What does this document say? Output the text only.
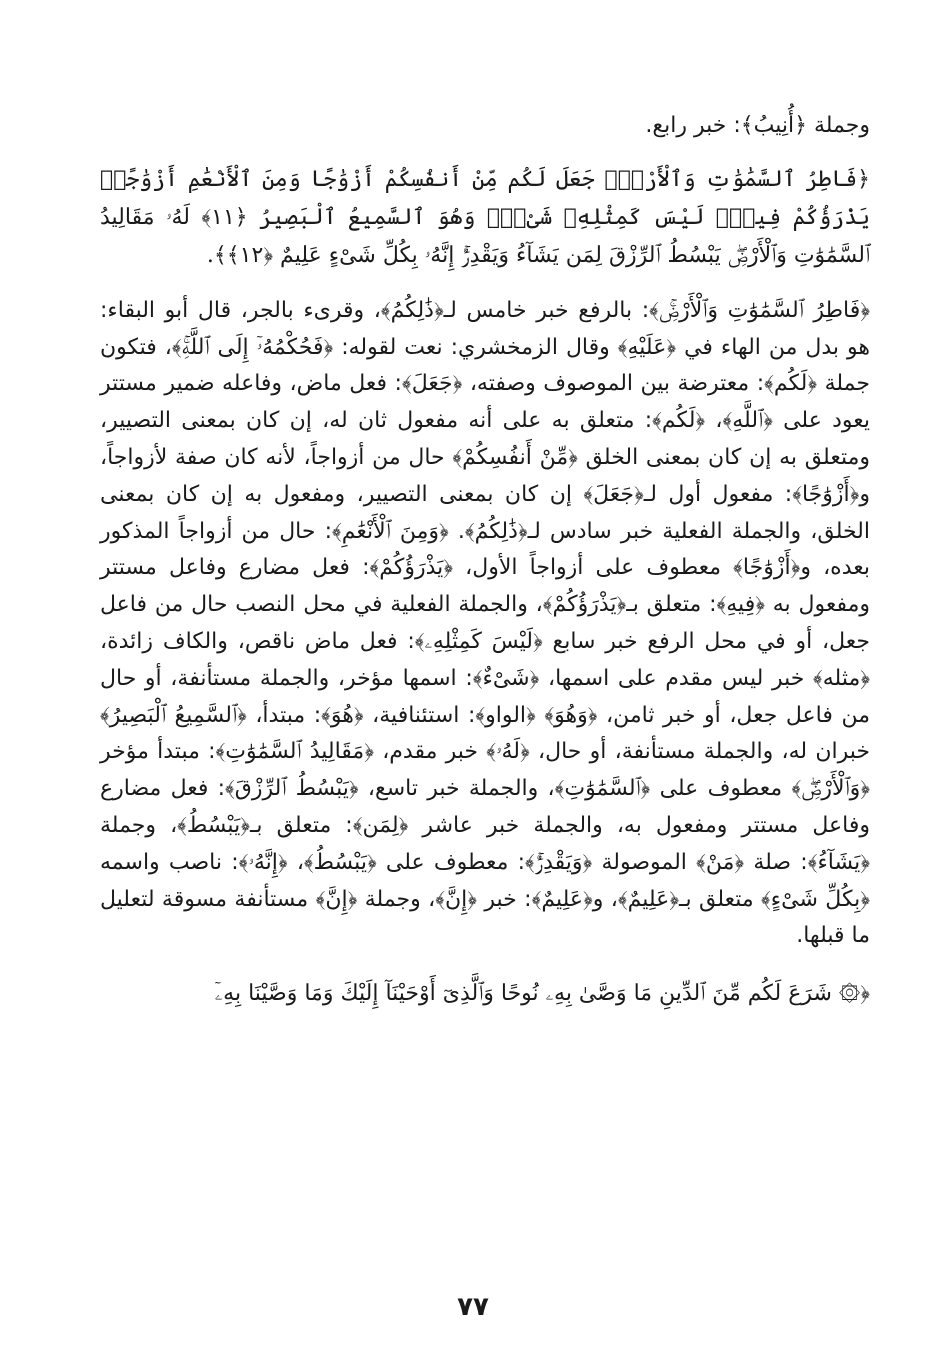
وجملة ﴿أُنِيبُ﴾: خبر رابع.

﴿فَاطِرُ ٱلسَّمَٰوَٰتِ وَٱلْأَرْضِۚ جَعَلَ لَكُم مِّنْ أَنفُسِكُمْ أَزْوَٰجًا وَمِنَ ٱلْأَنْعَٰمِ أَزْوَٰجًاۖ يَذْرَؤُكُمْ فِيهِۚ لَيْسَ كَمِثْلِهِۦ شَىْءٌۖ وَهُوَ ٱلسَّمِيعُ ٱلْبَصِيرُ ﴿١١﴾ لَهُۥ مَقَالِيدُ ٱلسَّمَٰوَٰتِ وَٱلْأَرْضِۖ يَبْسُطُ ٱلرِّزْقَ لِمَن يَشَآءُ وَيَقْدِرُۚ إِنَّهُۥ بِكُلِّ شَىْءٍ عَلِيمٌ ﴿١٢﴾﴾.

﴿فَاطِرُ ٱلسَّمَٰوَٰتِ وَٱلْأَرْضِۚ﴾: بالرفع خبر خامس لـ﴿ذَٰلِكُمُ﴾، وقرىء بالجر، قال أبو البقاء: هو بدل من الهاء في ﴿عَلَيْهِ﴾ وقال الزمخشري: نعت لقوله: ﴿فَحُكْمُهُۥٓ إِلَى ٱللَّهِۚ﴾، فتكون جملة ﴿لَكُم﴾: معترضة بين الموصوف وصفته، ﴿جَعَلَ﴾: فعل ماض، وفاعله ضمير مستتر يعود على ﴿ٱللَّهِ﴾، ﴿لَكُم﴾: متعلق به على أنه مفعول ثان له، إن كان بمعنى التصيير، ومتعلق به إن كان بمعنى الخلق ﴿مِّنْ أَنفُسِكُمْ﴾ حال من أزواجاً، لأنه كان صفة لأزواجاً، و﴿أَزْوَٰجًا﴾: مفعول أول لـ﴿جَعَلَ﴾ إن كان بمعنى التصيير، ومفعول به إن كان بمعنى الخلق، والجملة الفعلية خبر سادس لـ﴿ذَٰلِكُمُ﴾. ﴿وَمِنَ ٱلْأَنْعَٰمِ﴾: حال من أزواجاً المذكور بعده، و﴿أَزْوَٰجًا﴾ معطوف على أزواجاً الأول، ﴿يَذْرَؤُكُمْ﴾: فعل مضارع وفاعل مستتر ومفعول به ﴿فِيهِ﴾: متعلق بـ﴿يَذْرَؤُكُمْ﴾، والجملة الفعلية في محل النصب حال من فاعل جعل، أو في محل الرفع خبر سابع ﴿لَيْسَ كَمِثْلِهِۦ﴾: فعل ماض ناقص، والكاف زائدة، ﴿مثله﴾ خبر ليس مقدم على اسمها، ﴿شَىْءٌ﴾: اسمها مؤخر، والجملة مستأنفة، أو حال من فاعل جعل، أو خبر ثامن، ﴿وَهُوَ﴾ ﴿الواو﴾: استئنافية، ﴿هُوَ﴾: مبتدأ، ﴿ٱلسَّمِيعُ ٱلْبَصِيرُ﴾ خبران له، والجملة مستأنفة، أو حال، ﴿لَهُۥ﴾ خبر مقدم، ﴿مَقَالِيدُ ٱلسَّمَٰوَٰتِ﴾: مبتدأ مؤخر ﴿وَٱلْأَرْضِۖ﴾ معطوف على ﴿ٱلسَّمَٰوَٰتِ﴾، والجملة خبر تاسع، ﴿يَبْسُطُ ٱلرِّزْقَ﴾: فعل مضارع وفاعل مستتر ومفعول به، والجملة خبر عاشر ﴿لِمَن﴾: متعلق بـ﴿يَبْسُطُ﴾، وجملة ﴿يَشَآءُ﴾: صلة ﴿مَنْ﴾ الموصولة ﴿وَيَقْدِرُۚ﴾: معطوف على ﴿يَبْسُطُ﴾، ﴿إِنَّهُۥ﴾: ناصب واسمه ﴿بِكُلِّ شَىْءٍ﴾ متعلق بـ﴿عَلِيمٌ﴾، و﴿عَلِيمٌ﴾: خبر ﴿إِنَّ﴾، وجملة ﴿إِنَّ﴾ مستأنفة مسوقة لتعليل ما قبلها.

﴿۞ شَرَعَ لَكُم مِّنَ ٱلدِّينِ مَا وَصَّىٰ بِهِۦ نُوحًا وَٱلَّذِىٓ أَوْحَيْنَآ إِلَيْكَ وَمَا وَصَّيْنَا بِهِۦٓ

٧٧
